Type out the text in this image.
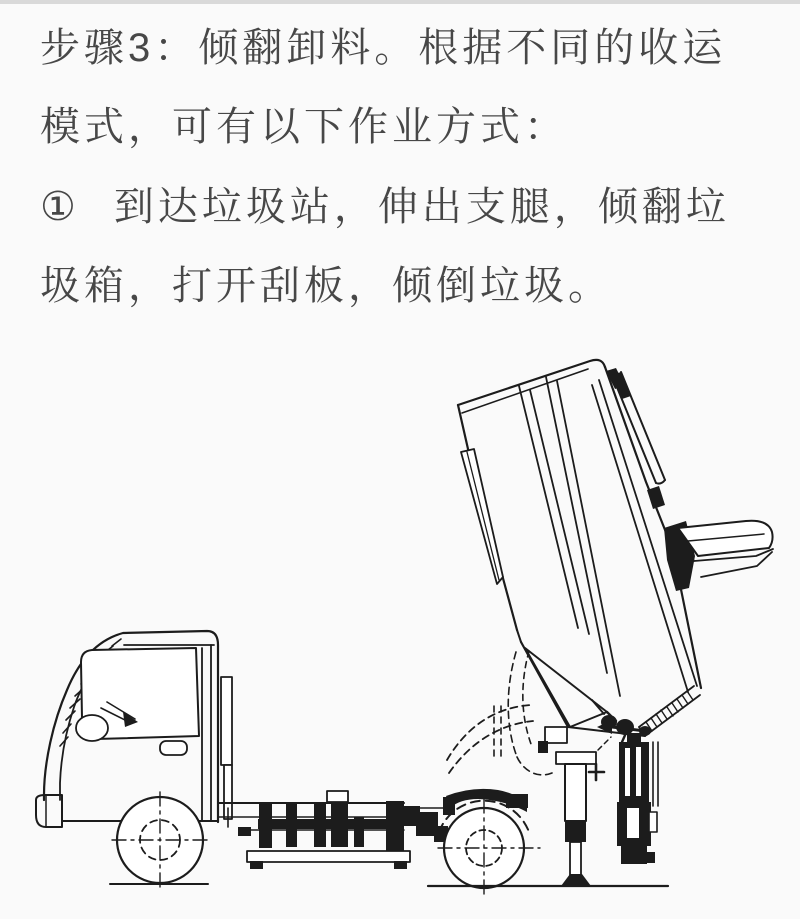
步骤3：倾翻卸料。根据不同的收运
模式，可有以下作业方式：
① 到达垃圾站，伸出支腿，倾翻垃
圾箱，打开刮板，倾倒垃圾。
